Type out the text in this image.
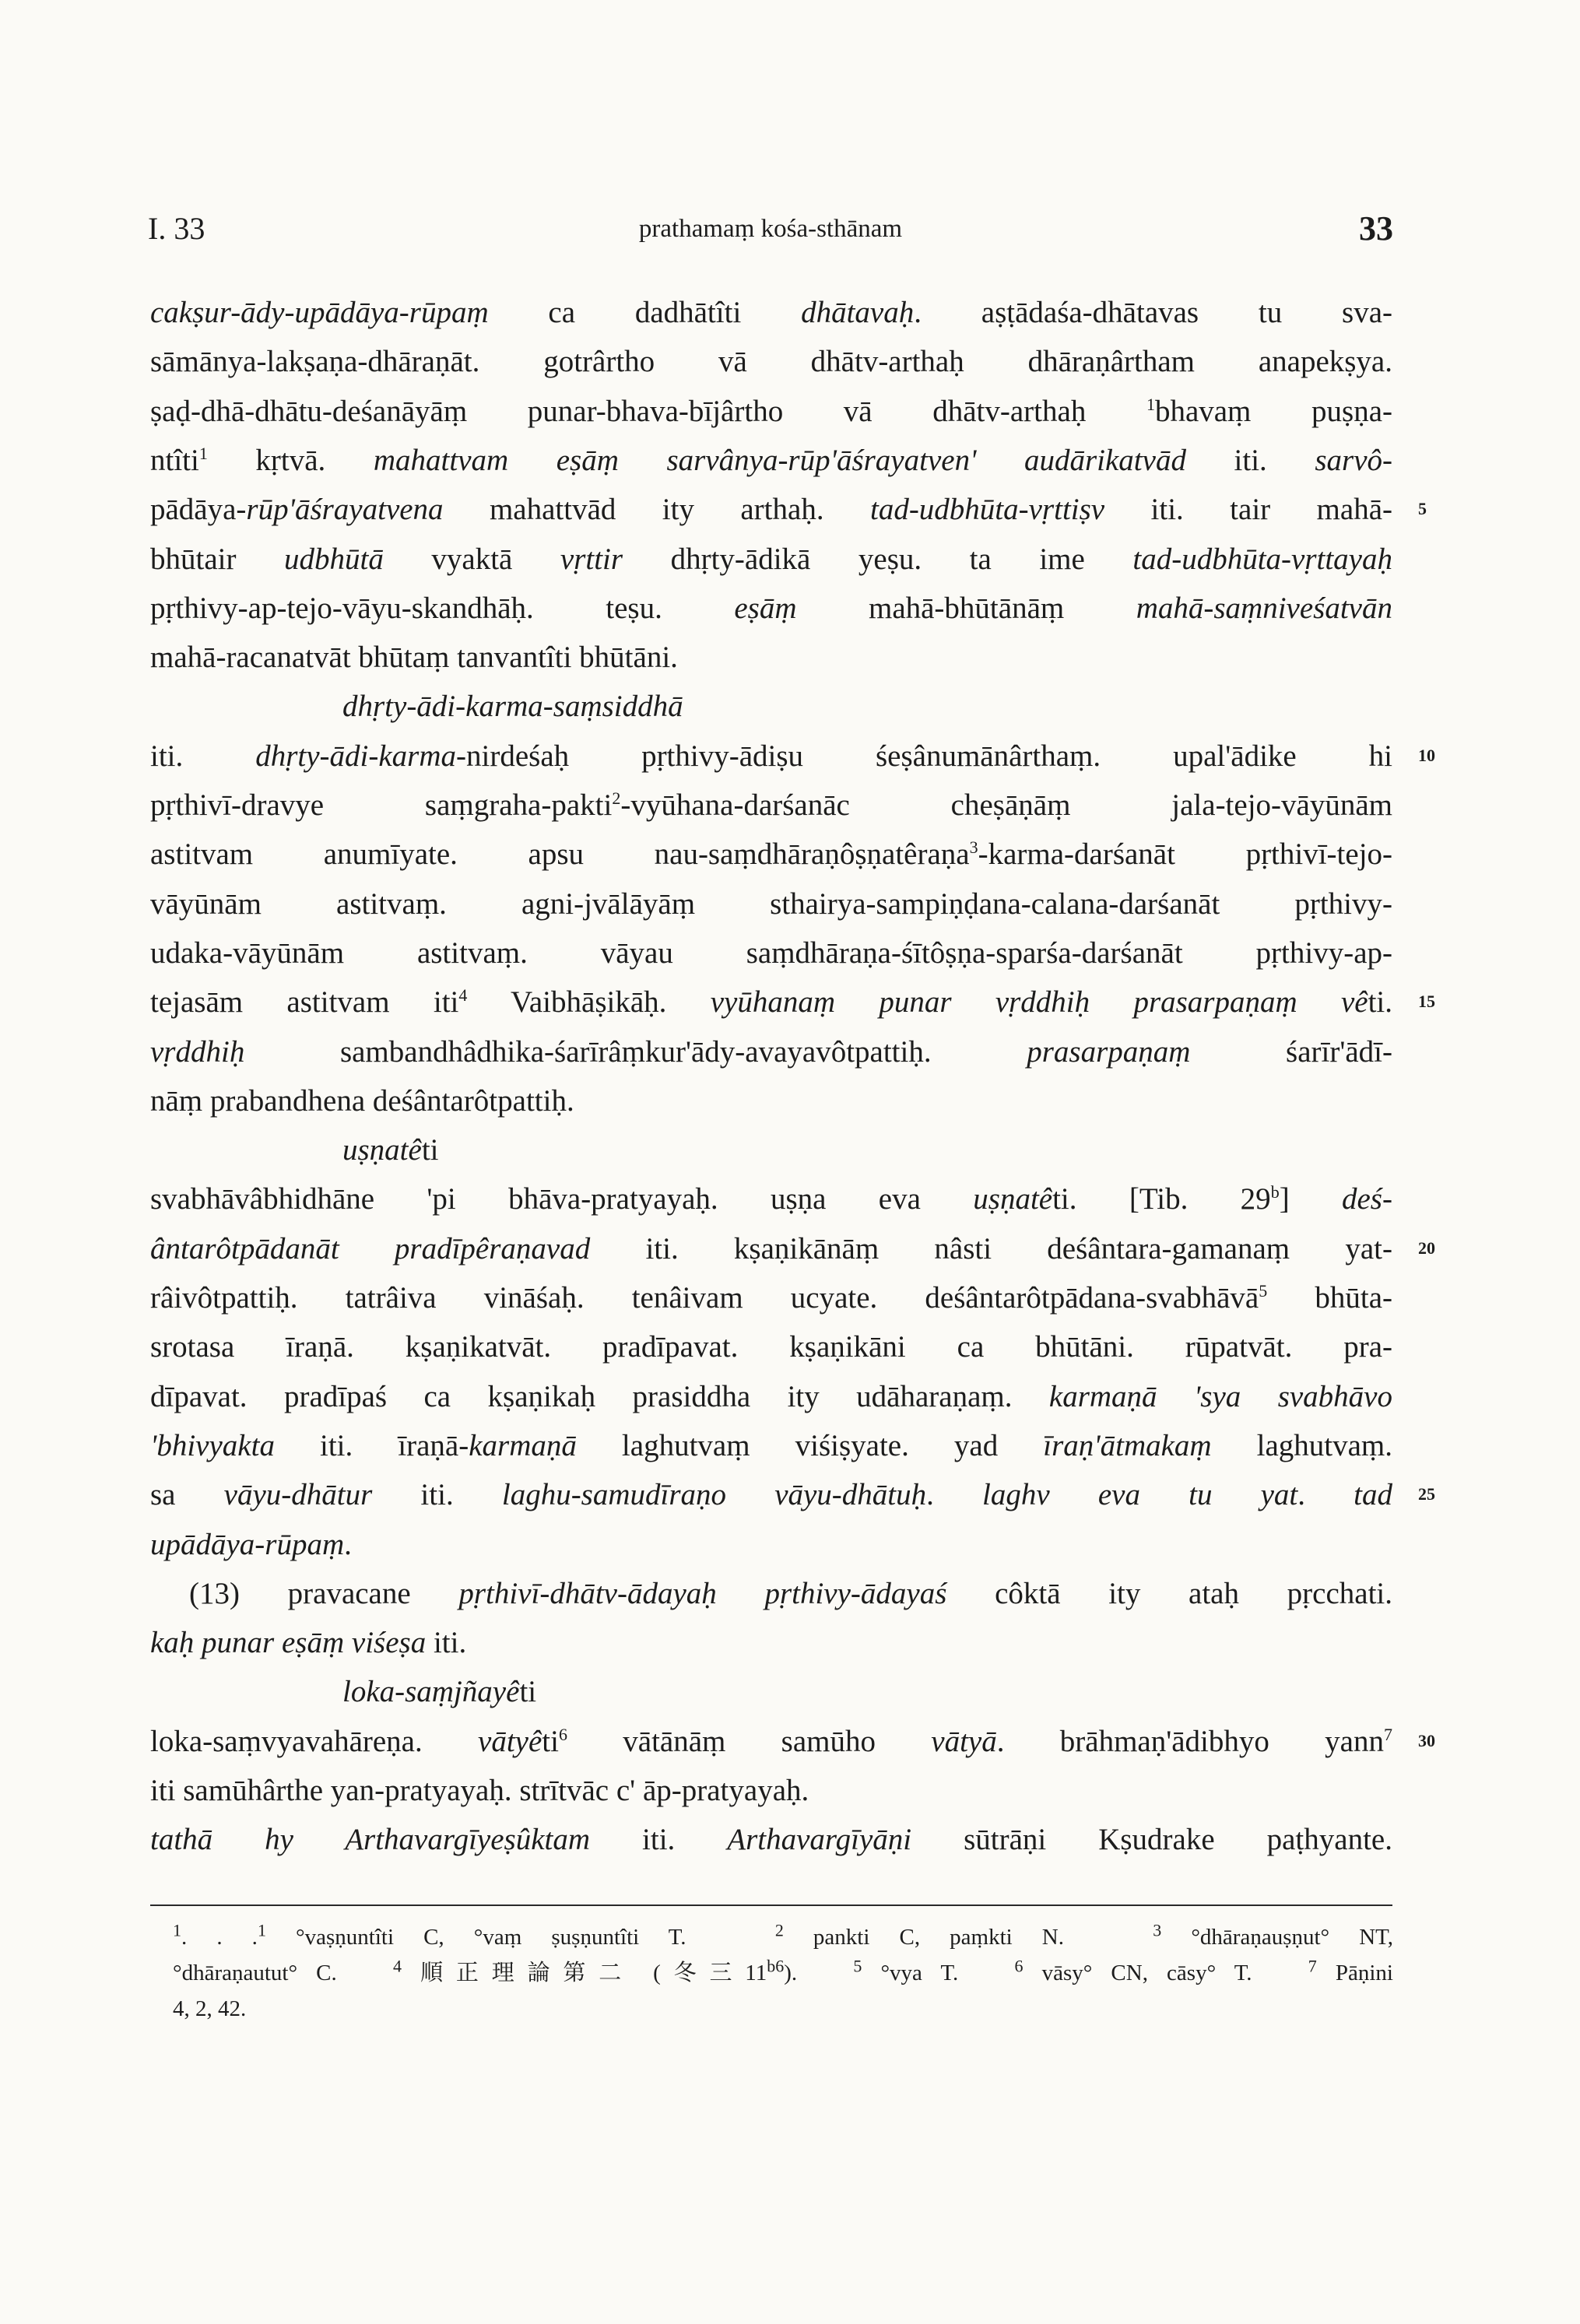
I. 33	prathamaṃ kośa-sthānam	33
cakṣur-ādy-upādāya-rūpaṃ ca dadhātîti dhātavaḥ. aṣṭādaśa-dhātavas tu sva-
sāmānya-lakṣaṇa-dhāraṇāt. gotrârtho vā dhātv-arthaḥ dhāraṇârtham anapekṣya.
ṣaḍ-dhā-dhātu-deśanāyāṃ punar-bhava-bījârtho vā dhātv-arthaḥ $^1$bhavaṃ puṣṇa-
ntîti$^1$ kṛtvā. mahattvam eṣāṃ sarvânya-rūp'āśrayatven' audārikatvād iti. sarvô-
pādāya-rūp'āśrayatvena mahattvād ity arthaḥ. tad-udbhūta-vṛttiṣv iti. tair mahā- 5
bhūtair udbhūtā vyaktā vṛttir dhṛty-ādikā yeṣu. ta ime tad-udbhūta-vṛttayaḥ
pṛthivy-ap-tejo-vāyu-skandhāḥ. teṣu. eṣāṃ mahā-bhūtānāṃ mahā-saṃniveśatvān
mahā-racanatvāt bhūtaṃ tanvantîti bhūtāni.
dhṛty-ādi-karma-saṃsiddhā
iti. dhṛty-ādi-karma-nirdeśaḥ pṛthivy-ādiṣu śeṣânumānârthaṃ. upal'ādike hi 10
pṛthivī-dravye saṃgraha-pakti$^2$-vyūhana-darśanāc cheṣāṇāṃ jala-tejo-vāyūnām
astitvam anumīyate. apsu nau-saṃdhāraṇôṣṇatêraṇa$^3$-karma-darśanāt pṛthivī-tejo-
vāyūnām astitvaṃ. agni-jvālāyāṃ sthairya-sampiṇḍana-calana-darśanāt pṛthivy-
udaka-vāyūnām astitvaṃ. vāyau saṃdhāraṇa-śītôṣṇa-sparśa-darśanāt pṛthivy-ap-
tejasām astitvam iti$^4$ Vaibhāṣikāḥ. vyūhanaṃ punar vṛddhiḥ prasarpaṇaṃ vêti. 15
vṛddhiḥ sambandhâdhika-śarīrâṃkur'ādy-avayavôtpattiḥ. prasarpaṇaṃ śarīr'ādī-
nāṃ prabandhena deśântarôtpattiḥ.
uṣṇatêti
svabhāvâbhidhāne 'pi bhāva-pratyayaḥ. uṣṇa eva uṣṇatêti. [Tib. 29$^b$] deś-
ântarôtpādanāt pradīpêraṇavad iti. kṣaṇikānāṃ nâsti deśântara-gamanaṃ yat- 20
râivôtpattiḥ. tatrâiva vināśaḥ. tenâivam ucyate. deśântarôtpādana-svabhāvā$^5$ bhūta-
srotasa īraṇā. kṣaṇikatvāt. pradīpavat. kṣaṇikāni ca bhūtāni. rūpatvāt. pra-
dīpavat. pradīpaś ca kṣaṇikaḥ prasiddha ity udāharaṇaṃ. karmaṇā 'sya svabhāvo
'bhivyakta iti. īraṇā-karmaṇā laghutvaṃ viśiṣyate. yad īraṇ'ātmakaṃ laghutvaṃ.
sa vāyu-dhātur iti. laghu-samudīraṇo vāyu-dhātuḥ. laghv eva tu yat. tad 25
upādāya-rūpaṃ.
(13) pravacane pṛthivī-dhātv-ādayaḥ pṛthivy-ādayaś côktā ity ataḥ pṛcchati.
kaḥ punar eṣāṃ viśeṣa iti.
loka-saṃjñayêti
loka-saṃvyavahāreṇa. vātyêti$^6$ vātānāṃ samūho vātyā. brāhmaṇ'ādibhyo yann$^7$ 30
iti samūhârthe yan-pratyayaḥ. strītvāc c' āp-pratyayaḥ.
tathā hy Arthavargīyeṣûktam iti. Arthavargīyāṇi sūtrāṇi Kṣudrake paṭhyante.
$^1$. . .$^1$ °vaṣṇuntîti C, °vaṃ ṣuṣṇuntîti T.   $^2$ pankti C, paṃkti N.   $^3$ °dhāraṇauṣṇut° NT,
°dhāraṇautut° C.   $^4$ 順正理論第二 (冬三$11^{b6}$).   $^5$ °vya T.   $^6$ vāsy° CN, cāsy° T.   $^7$ Pāṇini
4, 2, 42.
